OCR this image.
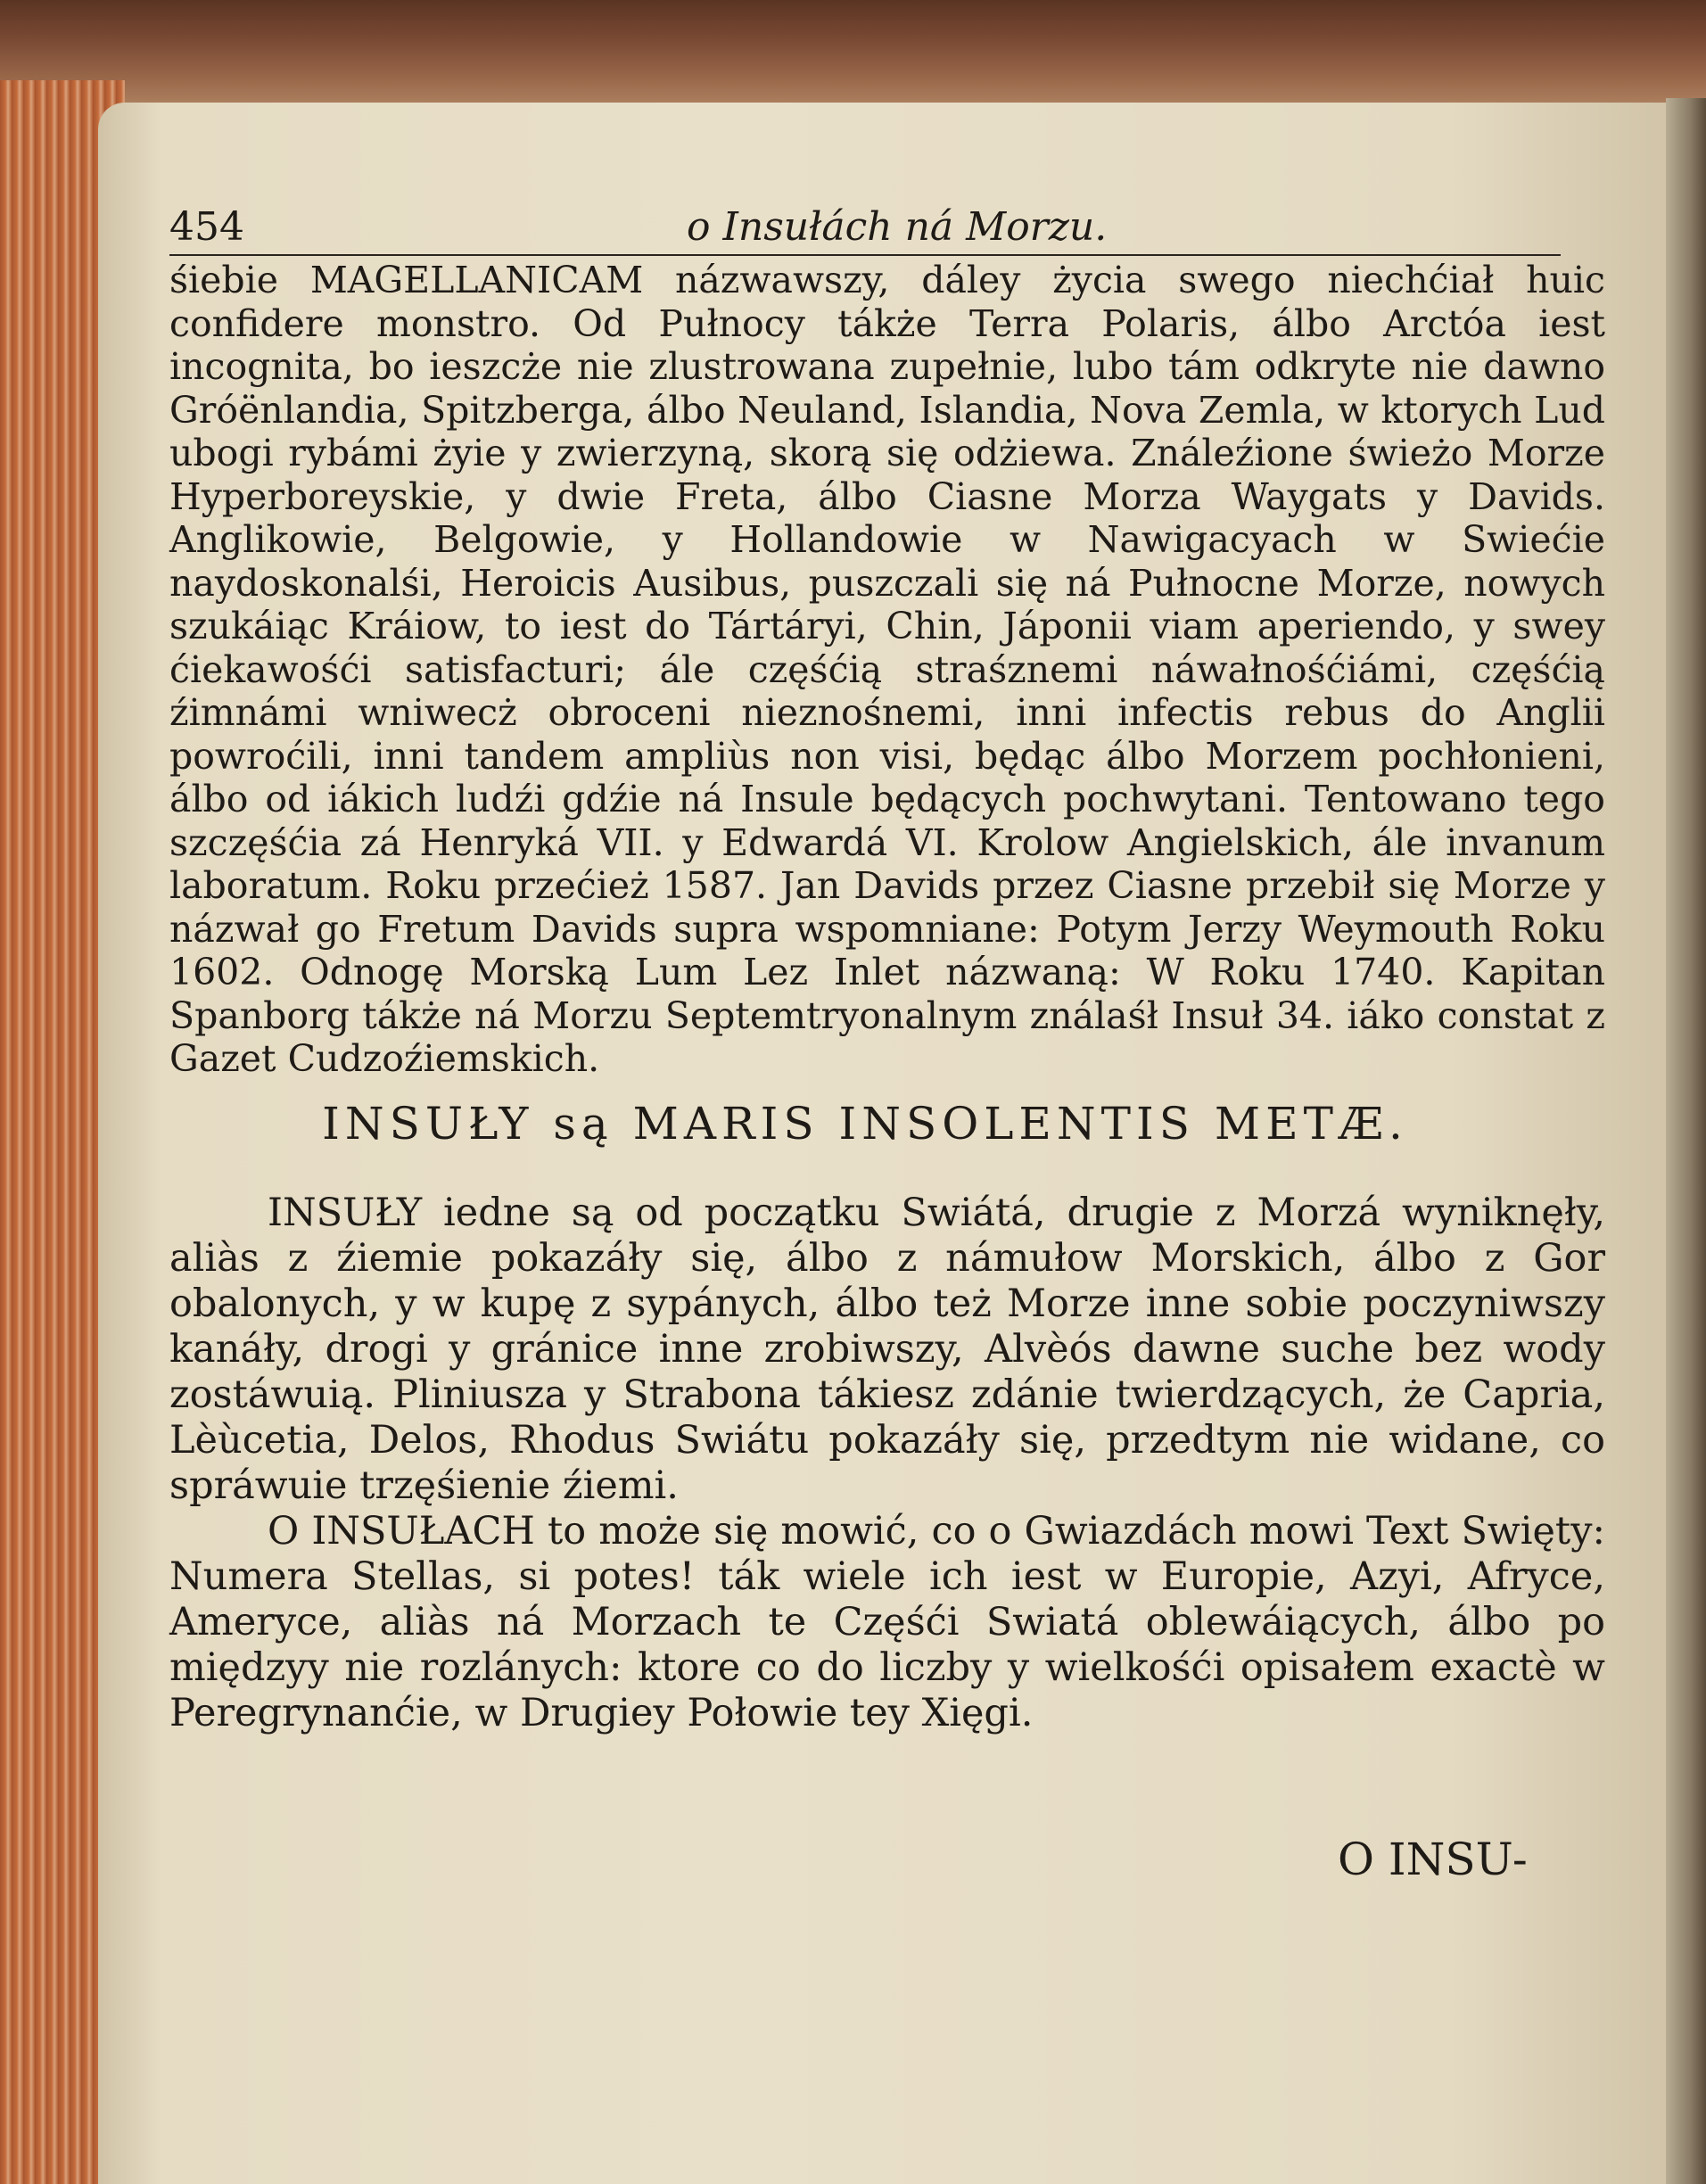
454	o Insułách ná Morzu.
śiebie MAGELLANICAM názwawszy, dáley życia swego niechćiał huic confidere monstro. Od Pułnocy tákże Terra Polaris, álbo Arctóa iest incognita, bo ieszcże nie zlustrowana zupełnie, lubo tám odkryte nie dawno Gróënlandia, Spitzberga, álbo Neuland, Islandia, Nova Zemla, w ktorych Lud ubogi rybámi żyie y zwierzyną, skorą się odżiewa. Ználeźione świeżo Morze Hyperboreyskie, y dwie Freta, álbo Ciasne Morza Waygats y Davids. Anglikowie, Belgowie, y Hollandowie w Nawigacyach w Swiećie naydoskonalśi, Heroicis Ausibus, puszczali się ná Pułnocne Morze, nowych szukáiąc Kráiow, to iest do Tártáryi, Chin, Jáponii viam aperiendo, y swey ćiekawośći satisfacturi; ále częśćią straśznemi náwałnośćiámi, częśćią źimnámi wniwecż obroceni nieznośnemi, inni infectis rebus do Anglii powroćili, inni tandem ampliùs non visi, będąc álbo Morzem pochłonieni, álbo od iákich ludźi gdźie ná Insule będących pochwytani. Tentowano tego szczęśćia zá Henryká VII. y Edwardá VI. Krolow Angielskich, ále invanum laboratum. Roku przećież 1587. Jan Davids przez Ciasne przebił się Morze y názwał go Fretum Davids supra wspomniane: Potym Jerzy Weymouth Roku 1602. Odnogę Morską Lum Lez Inlet názwaną: W Roku 1740. Kapitan Spanborg tákże ná Morzu Septemtryonalnym ználaśł Insuł 34. iáko constat z Gazet Cudzoźiemskich.
INSUŁY są MARIS INSOLENTIS METÆ.
INSUŁY iedne są od początku Swiátá, drugie z Morzá wyniknęły, aliàs z źiemie pokazáły się, álbo z námułow Morskich, álbo z Gor obalonych, y w kupę z sypánych, álbo też Morze inne sobie poczyniwszy kanáły, drogi y gránice inne zrobiwszy, Alvèós dawne suche bez wody zostáwuią. Pliniusza y Strabona tákiesz zdánie twierdzących, że Capria, Lèùcetia, Delos, Rhodus Swiátu pokazáły się, przedtym nie widane, co spráwuie trzęśienie źiemi.
O INSUŁACH to może się mowić, co o Gwiazdách mowi Text Swięty: Numera Stellas, si potes! ták wiele ich iest w Europie, Azyi, Afryce, Ameryce, aliàs ná Morzach te Częśći Swiatá oblewáiących, álbo po międzyy nie rozlánych: ktore co do liczby y wielkośći opisałem exactè w Peregrynanćie, w Drugiey Połowie tey Xięgi.
O INSU-
